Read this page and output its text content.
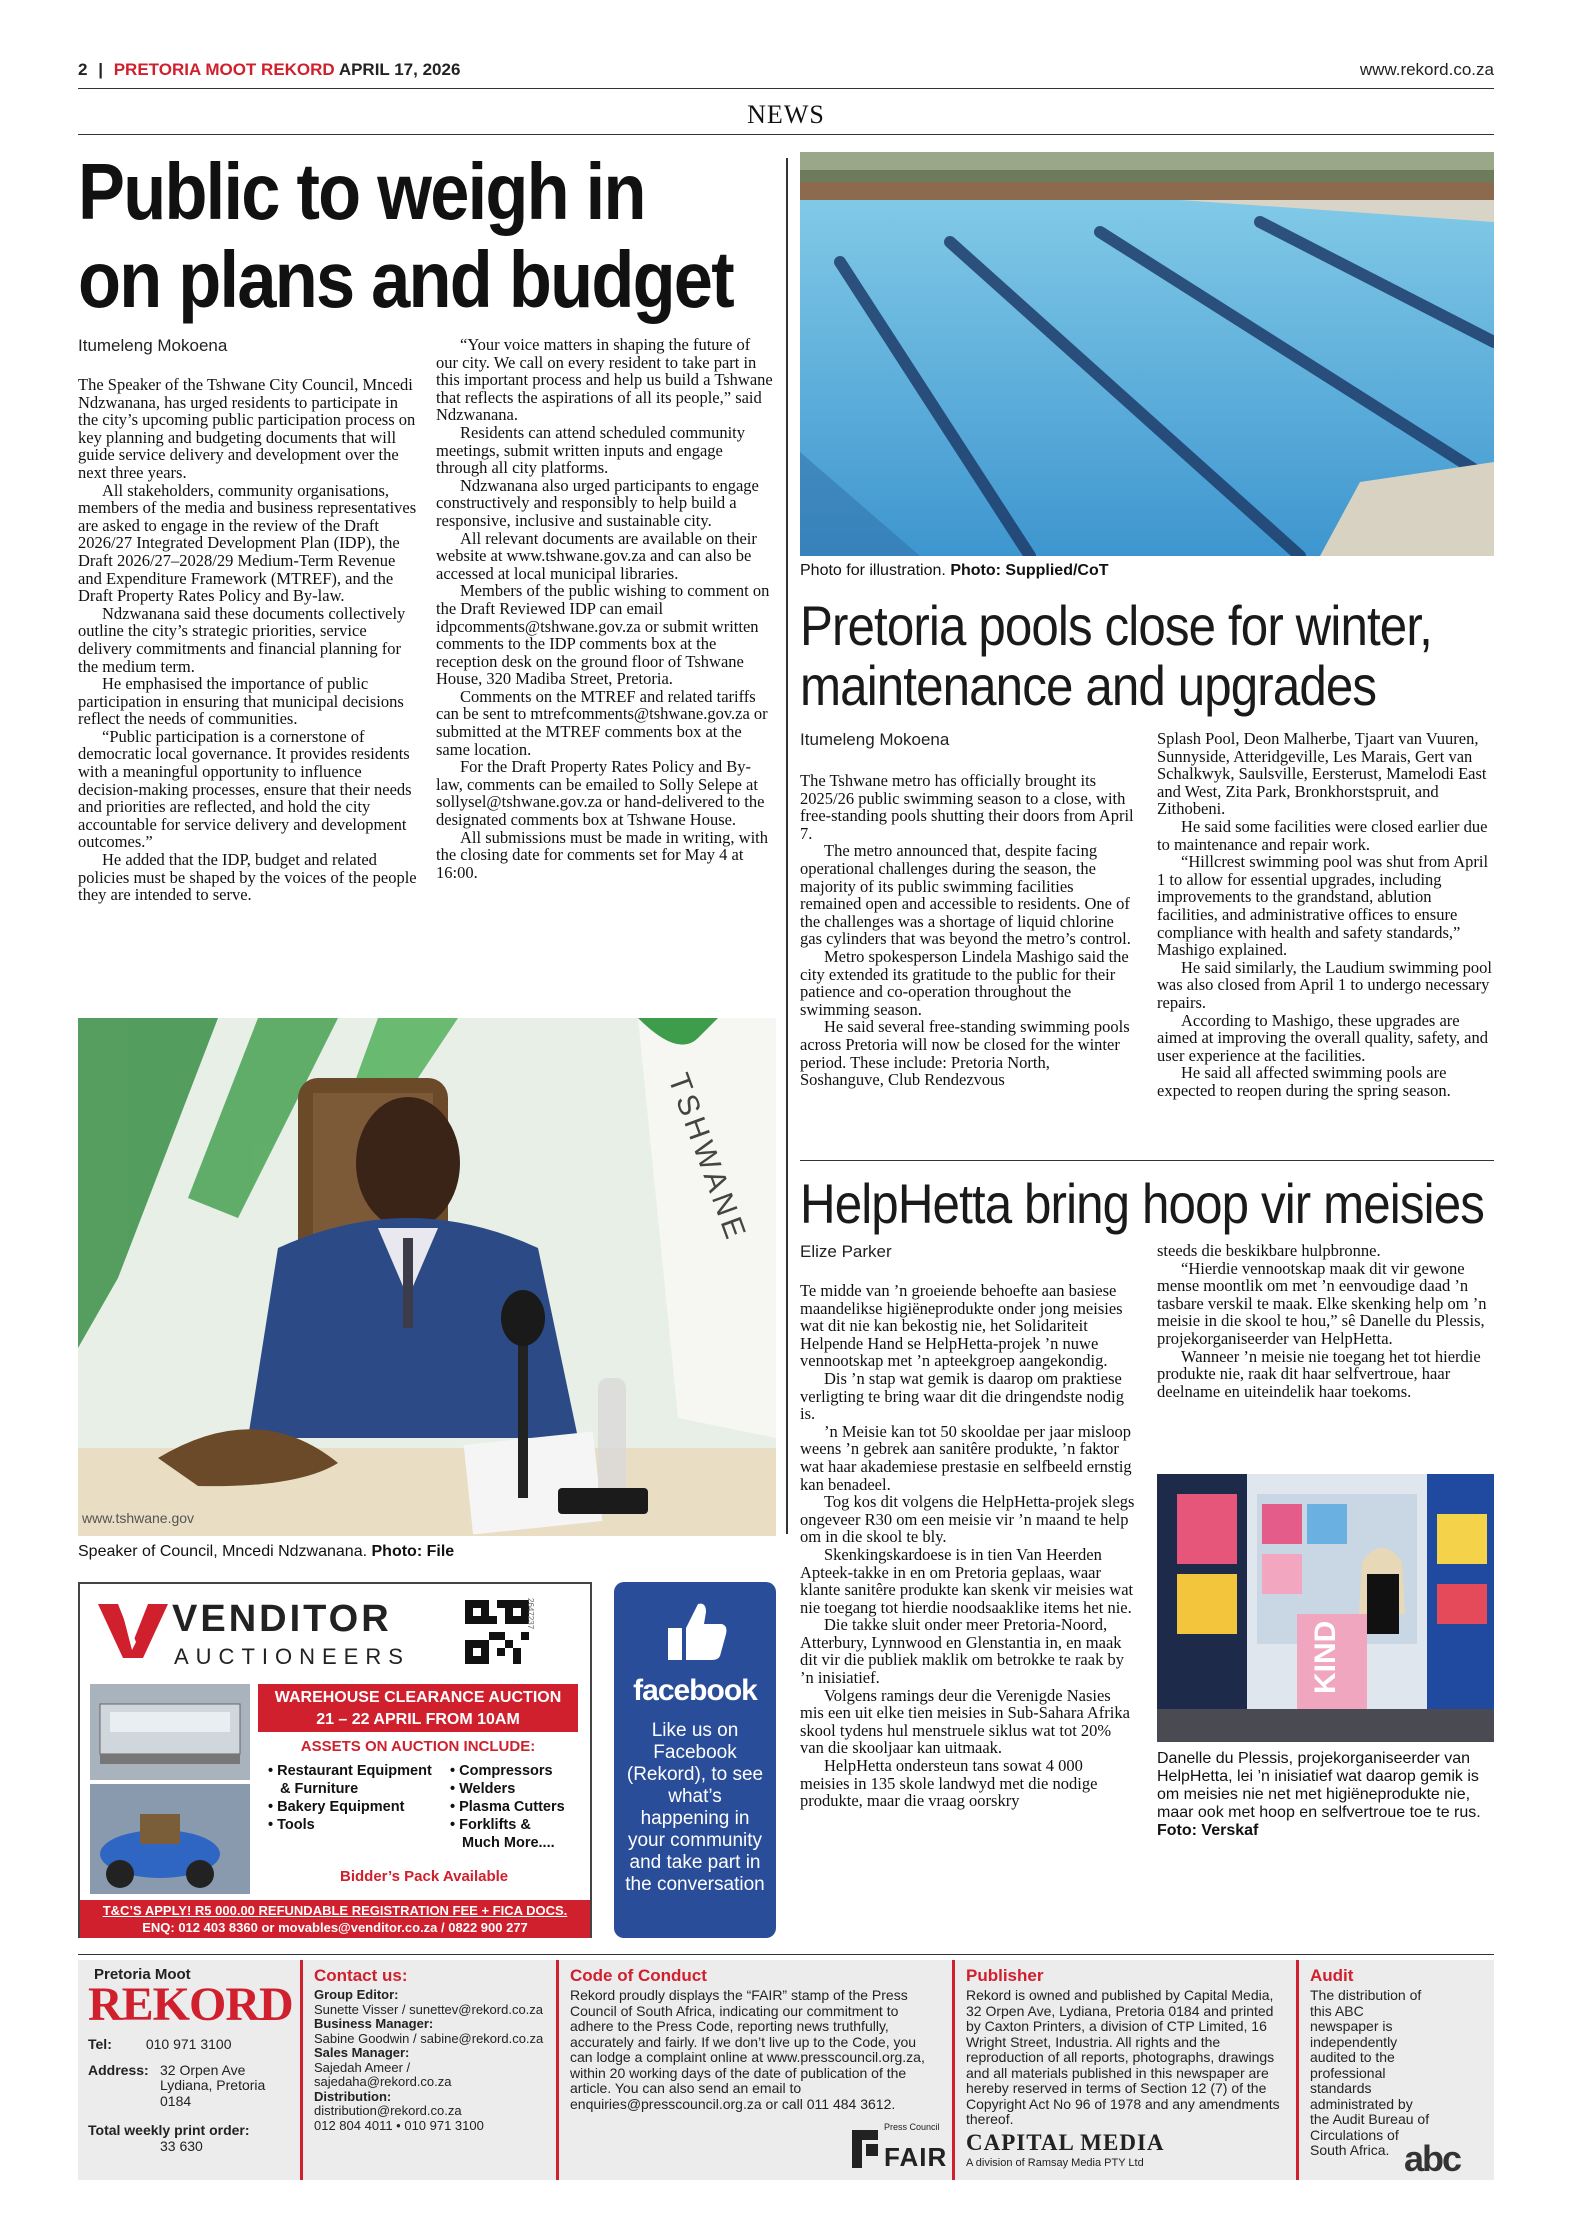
2 | PRETORIA MOOT REKORD APRIL 17, 2026	www.rekord.co.za
NEWS
Public to weigh in
on plans and budget
Itumeleng Mokoena

The Speaker of the Tshwane City Council, Mncedi Ndzwanana, has urged residents to participate in the city’s upcoming public participation process on key planning and budgeting documents that will guide service delivery and development over the next three years.

All stakeholders, community organisations, members of the media and business representatives are asked to engage in the review of the Draft 2026/27 Integrated Development Plan (IDP), the Draft 2026/27–2028/29 Medium-Term Revenue and Expenditure Framework (MTREF), and the Draft Property Rates Policy and By-law.

Ndzwanana said these documents collectively outline the city’s strategic priorities, service delivery commitments and financial planning for the medium term.

He emphasised the importance of public participation in ensuring that municipal decisions reflect the needs of communities.

“Public participation is a cornerstone of democratic local governance. It provides residents with a meaningful opportunity to influence decision-making processes, ensure that their needs and priorities are reflected, and hold the city accountable for service delivery and development outcomes.”

He added that the IDP, budget and related policies must be shaped by the voices of the people they are intended to serve.

“Your voice matters in shaping the future of our city. We call on every resident to take part in this important process and help us build a Tshwane that reflects the aspirations of all its people,” said Ndzwanana.

Residents can attend scheduled community meetings, submit written inputs and engage through all city platforms.

Ndzwanana also urged participants to engage constructively and responsibly to help build a responsive, inclusive and sustainable city.

All relevant documents are available on their website at www.tshwane.gov.za and can also be accessed at local municipal libraries.

Members of the public wishing to comment on the Draft Reviewed IDP can email idpcomments@tshwane.gov.za or submit written comments to the IDP comments box at the reception desk on the ground floor of Tshwane House, 320 Madiba Street, Pretoria.

Comments on the MTREF and related tariffs can be sent to mtrefcomments@tshwane.gov.za or submitted at the MTREF comments box at the same location.

For the Draft Property Rates Policy and By-law, comments can be emailed to Solly Selepe at sollysel@tshwane.gov.za or hand-delivered to the designated comments box at Tshwane House.

All submissions must be made in writing, with the closing date for comments set for May 4 at 16:00.

TSHWANE
www.tshwane.gov
Speaker of Council, Mncedi Ndzwanana. Photo: File
Photo for illustration. Photo: Supplied/CoT
Pretoria pools close for winter,
maintenance and upgrades
Itumeleng Mokoena

The Tshwane metro has officially brought its 2025/26 public swimming season to a close, with free-standing pools shutting their doors from April 7.

The metro announced that, despite facing operational challenges during the season, the majority of its public swimming facilities remained open and accessible to residents. One of the challenges was a shortage of liquid chlorine gas cylinders that was beyond the metro’s control.

Metro spokesperson Lindela Mashigo said the city extended its gratitude to the public for their patience and co-operation throughout the swimming season.

He said several free-standing swimming pools across Pretoria will now be closed for the winter period. These include: Pretoria North, Soshanguve, Club Rendezvous

Splash Pool, Deon Malherbe, Tjaart van Vuuren, Sunnyside, Atteridgeville, Les Marais, Gert van Schalkwyk, Saulsville, Eersterust, Mamelodi East and West, Zita Park, Bronkhorstspruit, and Zithobeni.

He said some facilities were closed earlier due to maintenance and repair work.

“Hillcrest swimming pool was shut from April 1 to allow for essential upgrades, including improvements to the grandstand, ablution facilities, and administrative offices to ensure compliance with health and safety standards,” Mashigo explained.

He said similarly, the Laudium swimming pool was also closed from April 1 to undergo necessary repairs.

According to Mashigo, these upgrades are aimed at improving the overall quality, safety, and user experience at the facilities.

He said all affected swimming pools are expected to reopen during the spring season.

HelpHetta bring hoop vir meisies
Elize Parker

Te midde van ’n groeiende behoefte aan basiese maandelikse higiëneprodukte onder jong meisies wat dit nie kan bekostig nie, het Solidariteit Helpende Hand se HelpHetta-projek ’n nuwe vennootskap met ’n apteekgroep aangekondig.

Dis ’n stap wat gemik is daarop om praktiese verligting te bring waar dit die dringendste nodig is.

’n Meisie kan tot 50 skooldae per jaar misloop weens ’n gebrek aan sanitêre produkte, ’n faktor wat haar akademiese prestasie en selfbeeld ernstig kan benadeel.

Tog kos dit volgens die HelpHetta-projek slegs ongeveer R30 om een meisie vir ’n maand te help om in die skool te bly.

Skenkingskardoese is in tien Van Heerden Apteek-takke in en om Pretoria geplaas, waar klante sanitêre produkte kan skenk vir meisies wat nie toegang tot hierdie noodsaaklike items het nie.

Die takke sluit onder meer Pretoria-Noord, Atterbury, Lynnwood en Glenstantia in, en maak dit vir die publiek maklik om betrokke te raak by ’n inisiatief.

Volgens ramings deur die Verenigde Nasies mis een uit elke tien meisies in Sub-Sahara Afrika skool tydens hul menstruele siklus wat tot 20% van die skooljaar kan uitmaak.

HelpHetta ondersteun tans sowat 4 000 meisies in 135 skole landwyd met die nodige produkte, maar die vraag oorskry

steeds die beskikbare hulpbronne.

“Hierdie vennootskap maak dit vir gewone mense moontlik om met ’n eenvoudige daad ’n tasbare verskil te maak. Elke skenking help om ’n meisie in die skool te hou,” sê Danelle du Plessis, projekorganiseerder van HelpHetta.

Wanneer ’n meisie nie toegang het tot hierdie produkte nie, raak dit haar selfvertroue, haar deelname en uiteindelik haar toekoms.

KIND
Danelle du Plessis, projekorganiseerder van HelpHetta, lei ’n inisiatief wat daarop gemik is om meisies nie net met higiëneprodukte nie, maar ook met hoop en selfvertroue toe te rus.
Foto: Verskaf
VENDITOR
AUCTIONEERS
2647237
WAREHOUSE CLEARANCE AUCTION
21 – 22 APRIL FROM 10AM
ASSETS ON AUCTION INCLUDE:
• Restaurant Equipment
& Furniture
• Bakery Equipment
• Tools
• Compressors
• Welders
• Plasma Cutters
• Forklifts &
Much More....
Bidder’s Pack Available
T&C’S APPLY! R5 000.00 REFUNDABLE REGISTRATION FEE + FICA DOCS.
ENQ: 012 403 8360 or movables@venditor.co.za / 0822 900 277
facebook
Like us on Facebook (Rekord), to see what’s happening in your community and take part in the conversation
Pretoria Moot
REKORD
Tel: 010 971 3100
Address: 32 Orpen Ave
Lydiana, Pretoria
0184
Total weekly print order:
33 630
Contact us:
Group Editor:
Sunette Visser / sunettev@rekord.co.za
Business Manager:
Sabine Goodwin / sabine@rekord.co.za
Sales Manager:
Sajedah Ameer / sajedaha@rekord.co.za
Distribution:
distribution@rekord.co.za
012 804 4011 • 010 971 3100
Code of Conduct
Rekord proudly displays the “FAIR” stamp of the Press Council of South Africa, indicating our commitment to adhere to the Press Code, reporting news truthfully, accurately and fairly. If we don’t live up to the Code, you can lodge a complaint online at www.presscouncil.org.za, within 20 working days of the date of publication of the article. You can also send an email to enquiries@presscouncil.org.za or call 011 484 3612.
Press Council
FAIR
Publisher
Rekord is owned and published by Capital Media, 32 Orpen Ave, Lydiana, Pretoria 0184 and printed by Caxton Printers, a division of CTP Limited, 16 Wright Street, Industria. All rights and the reproduction of all reports, photographs, drawings and all materials published in this newspaper are hereby reserved in terms of Section 12 (7) of the Copyright Act No 96 of 1978 and any amendments thereof.
CAPITAL MEDIA
A division of Ramsay Media PTY Ltd
Audit
The distribution of this ABC newspaper is independently audited to the professional standards administrated by the Audit Bureau of Circulations of South Africa. abc
